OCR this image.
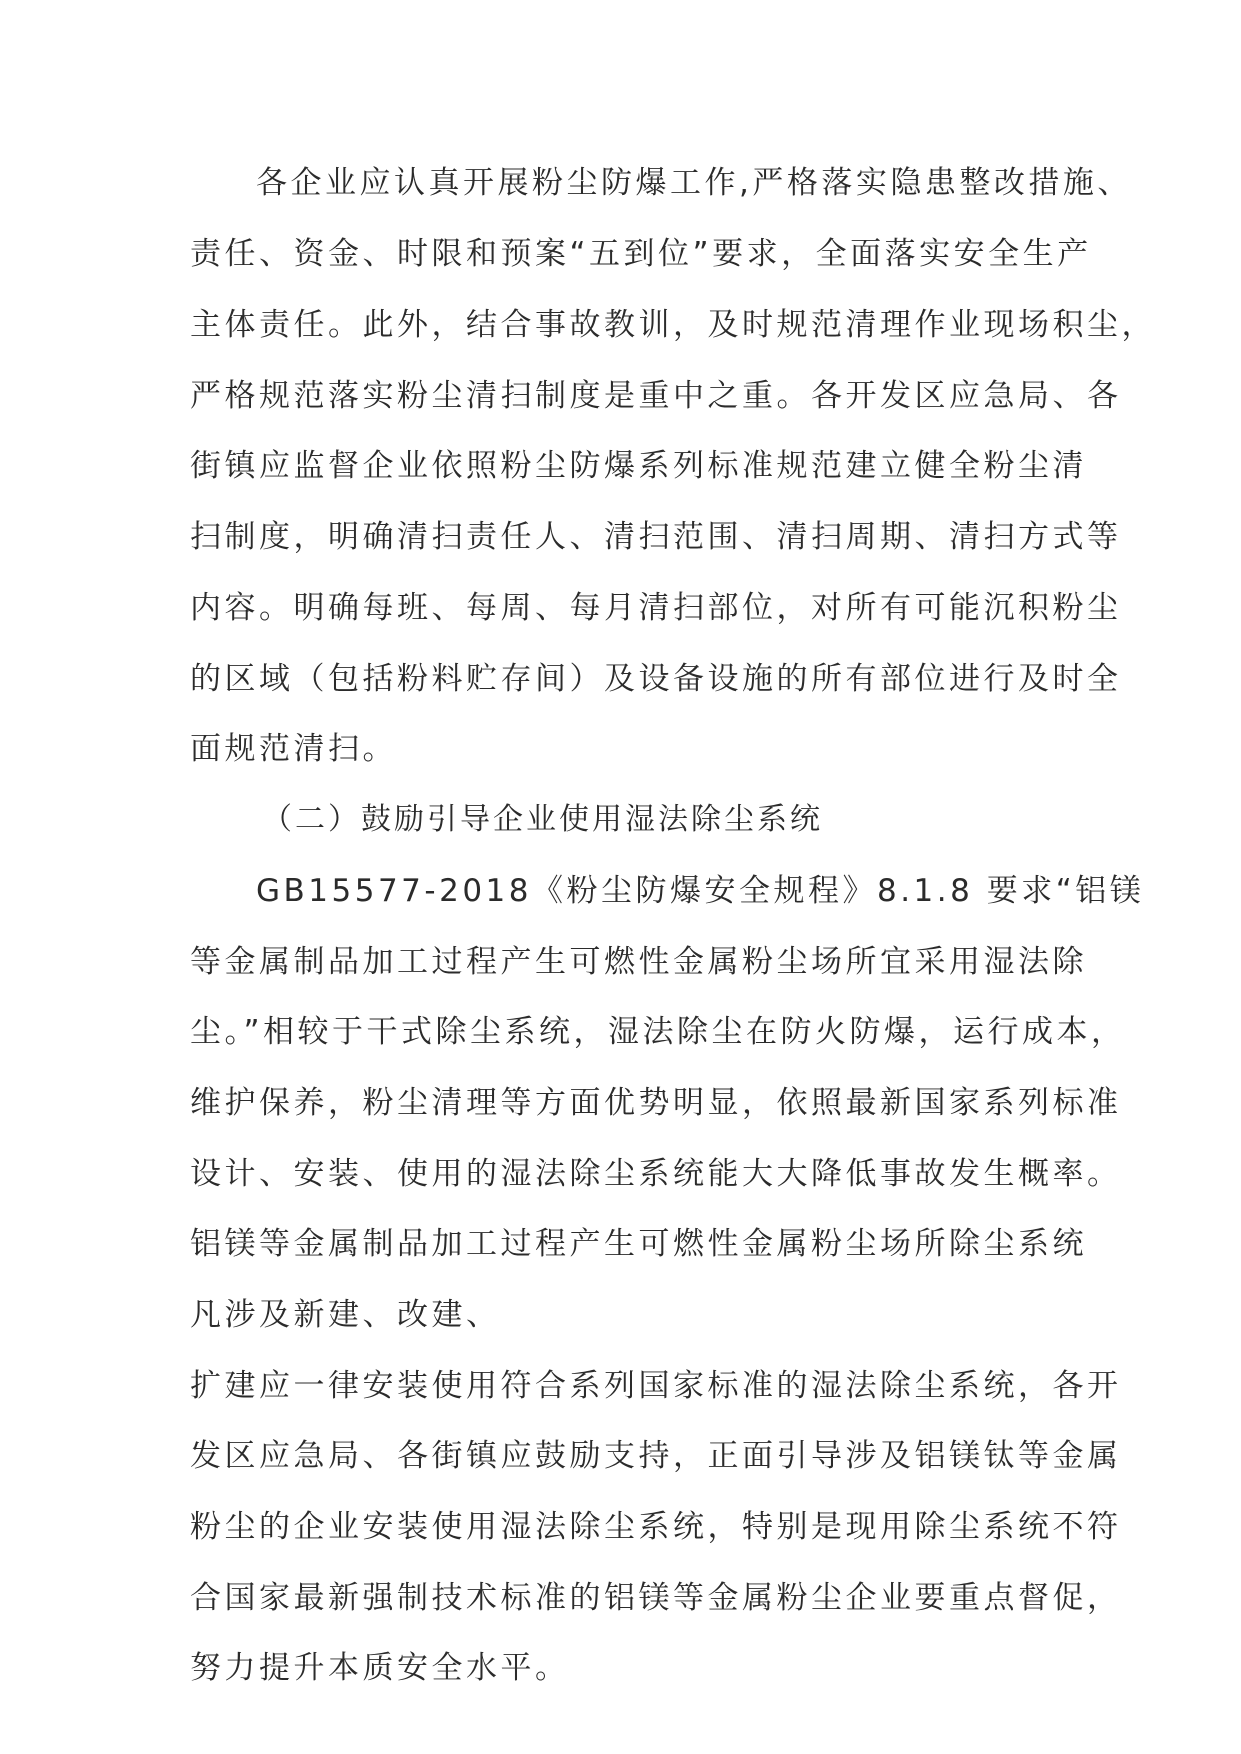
各企业应认真开展粉尘防爆工作,严格落实隐患整改措施、
责任、资金、时限和预案“五到位”要求，全面落实安全生产
主体责任。此外，结合事故教训，及时规范清理作业现场积尘，
严格规范落实粉尘清扫制度是重中之重。各开发区应急局、各
街镇应监督企业依照粉尘防爆系列标准规范建立健全粉尘清
扫制度，明确清扫责任人、清扫范围、清扫周期、清扫方式等
内容。明确每班、每周、每月清扫部位，对所有可能沉积粉尘
的区域（包括粉料贮存间）及设备设施的所有部位进行及时全
面规范清扫。
（二）鼓励引导企业使用湿法除尘系统
GB15577-2018《粉尘防爆安全规程》8.1.8 要求“铝镁
等金属制品加工过程产生可燃性金属粉尘场所宜采用湿法除
尘。”相较于干式除尘系统，湿法除尘在防火防爆，运行成本，
维护保养，粉尘清理等方面优势明显，依照最新国家系列标准
设计、安装、使用的湿法除尘系统能大大降低事故发生概率。
铝镁等金属制品加工过程产生可燃性金属粉尘场所除尘系统
凡涉及新建、改建、
扩建应一律安装使用符合系列国家标准的湿法除尘系统，各开
发区应急局、各街镇应鼓励支持，正面引导涉及铝镁钛等金属
粉尘的企业安装使用湿法除尘系统，特别是现用除尘系统不符
合国家最新强制技术标准的铝镁等金属粉尘企业要重点督促，
努力提升本质安全水平。
